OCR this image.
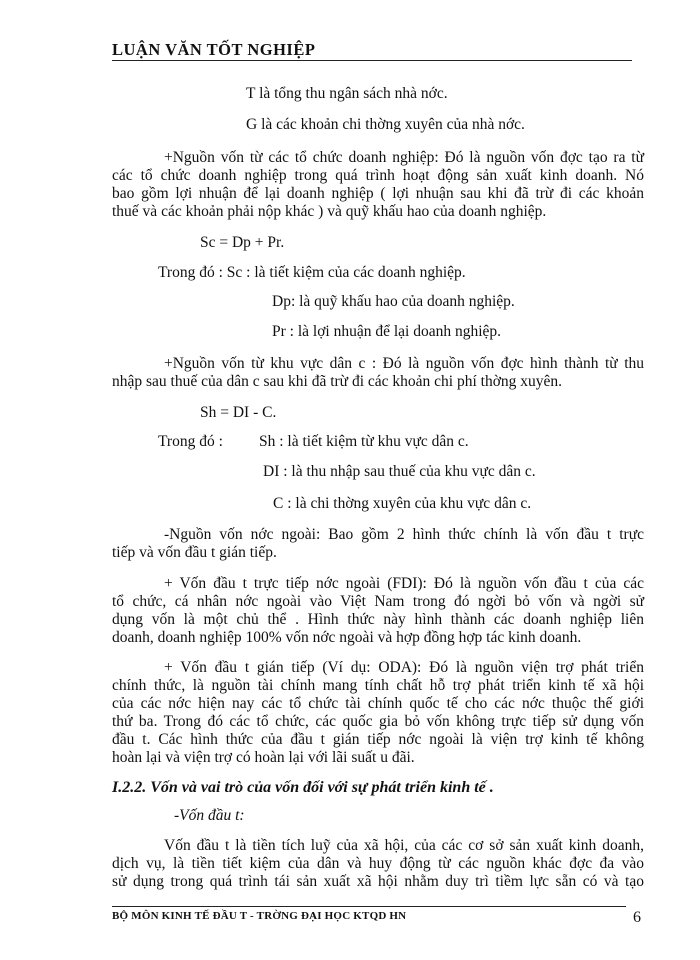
LUẬN VĂN TỐT NGHIỆP
T là tổng thu ngân sách nhà nớc.
G là các khoản chi thờng xuyên của nhà nớc.
+Nguồn vốn từ các tổ chức doanh nghiệp: Đó là nguồn vốn đợc tạo ra từ
các tổ chức doanh nghiệp trong quá trình hoạt động sản xuất kinh doanh. Nó
bao gồm lợi nhuận để lại doanh nghiệp ( lợi nhuận sau khi đã trừ đi các khoản
thuế và các khoản phải nộp khác ) và quỹ khấu hao của doanh nghiệp.
Sc = Dp + Pr.
Trong đó : Sc : là tiết kiệm của các doanh nghiệp.
Dp: là quỹ khấu hao của doanh nghiệp.
Pr : là lợi nhuận để lại doanh nghiệp.
+Nguồn vốn từ khu vực dân c : Đó là nguồn vốn đợc hình thành từ thu
nhập sau thuế của dân c sau khi đã trừ đi các khoản chi phí thờng xuyên.
Sh = DI - C.
Trong đó : Sh : là tiết kiệm từ khu vực dân c.
DI : là thu nhập sau thuế của khu vực dân c.
C : là chi thờng xuyên của khu vực dân c.
-Nguồn vốn nớc ngoài: Bao gồm 2 hình thức chính là vốn đầu t trực
tiếp và vốn đầu t gián tiếp.
+ Vốn đầu t trực tiếp nớc ngoài (FDI): Đó là nguồn vốn đầu t của các
tổ chức, cá nhân nớc ngoài vào Việt Nam trong đó ngời bỏ vốn và ngời sử
dụng vốn là một chủ thể . Hình thức này hình thành các doanh nghiệp liên
doanh, doanh nghiệp 100% vốn nớc ngoài và hợp đồng hợp tác kinh doanh.
+ Vốn đầu t gián tiếp (Ví dụ: ODA): Đó là nguồn viện trợ phát triển
chính thức, là nguồn tài chính mang tính chất hỗ trợ phát triển kinh tế xã hội
của các nớc hiện nay các tổ chức tài chính quốc tế cho các nớc thuộc thế giới
thứ ba. Trong đó các tổ chức, các quốc gia bỏ vốn không trực tiếp sử dụng vốn
đầu t. Các hình thức của đầu t gián tiếp nớc ngoài là viện trợ kinh tế không
hoàn lại và viện trợ có hoàn lại với lãi suất u đãi.
I.2.2. Vốn và vai trò của vốn đối với sự phát triển kinh tế .
-Vốn đầu t:
Vốn đầu t là tiền tích luỹ của xã hội, của các cơ sở sản xuất kinh doanh,
dịch vụ, là tiền tiết kiệm của dân và huy động từ các nguồn khác đợc đa vào
sử dụng trong quá trình tái sản xuất xã hội nhằm duy trì tiềm lực sẵn có và tạo
BỘ MÔN KINH TẾ ĐẦU T - TRỜNG ĐẠI HỌC KTQD HN	6
